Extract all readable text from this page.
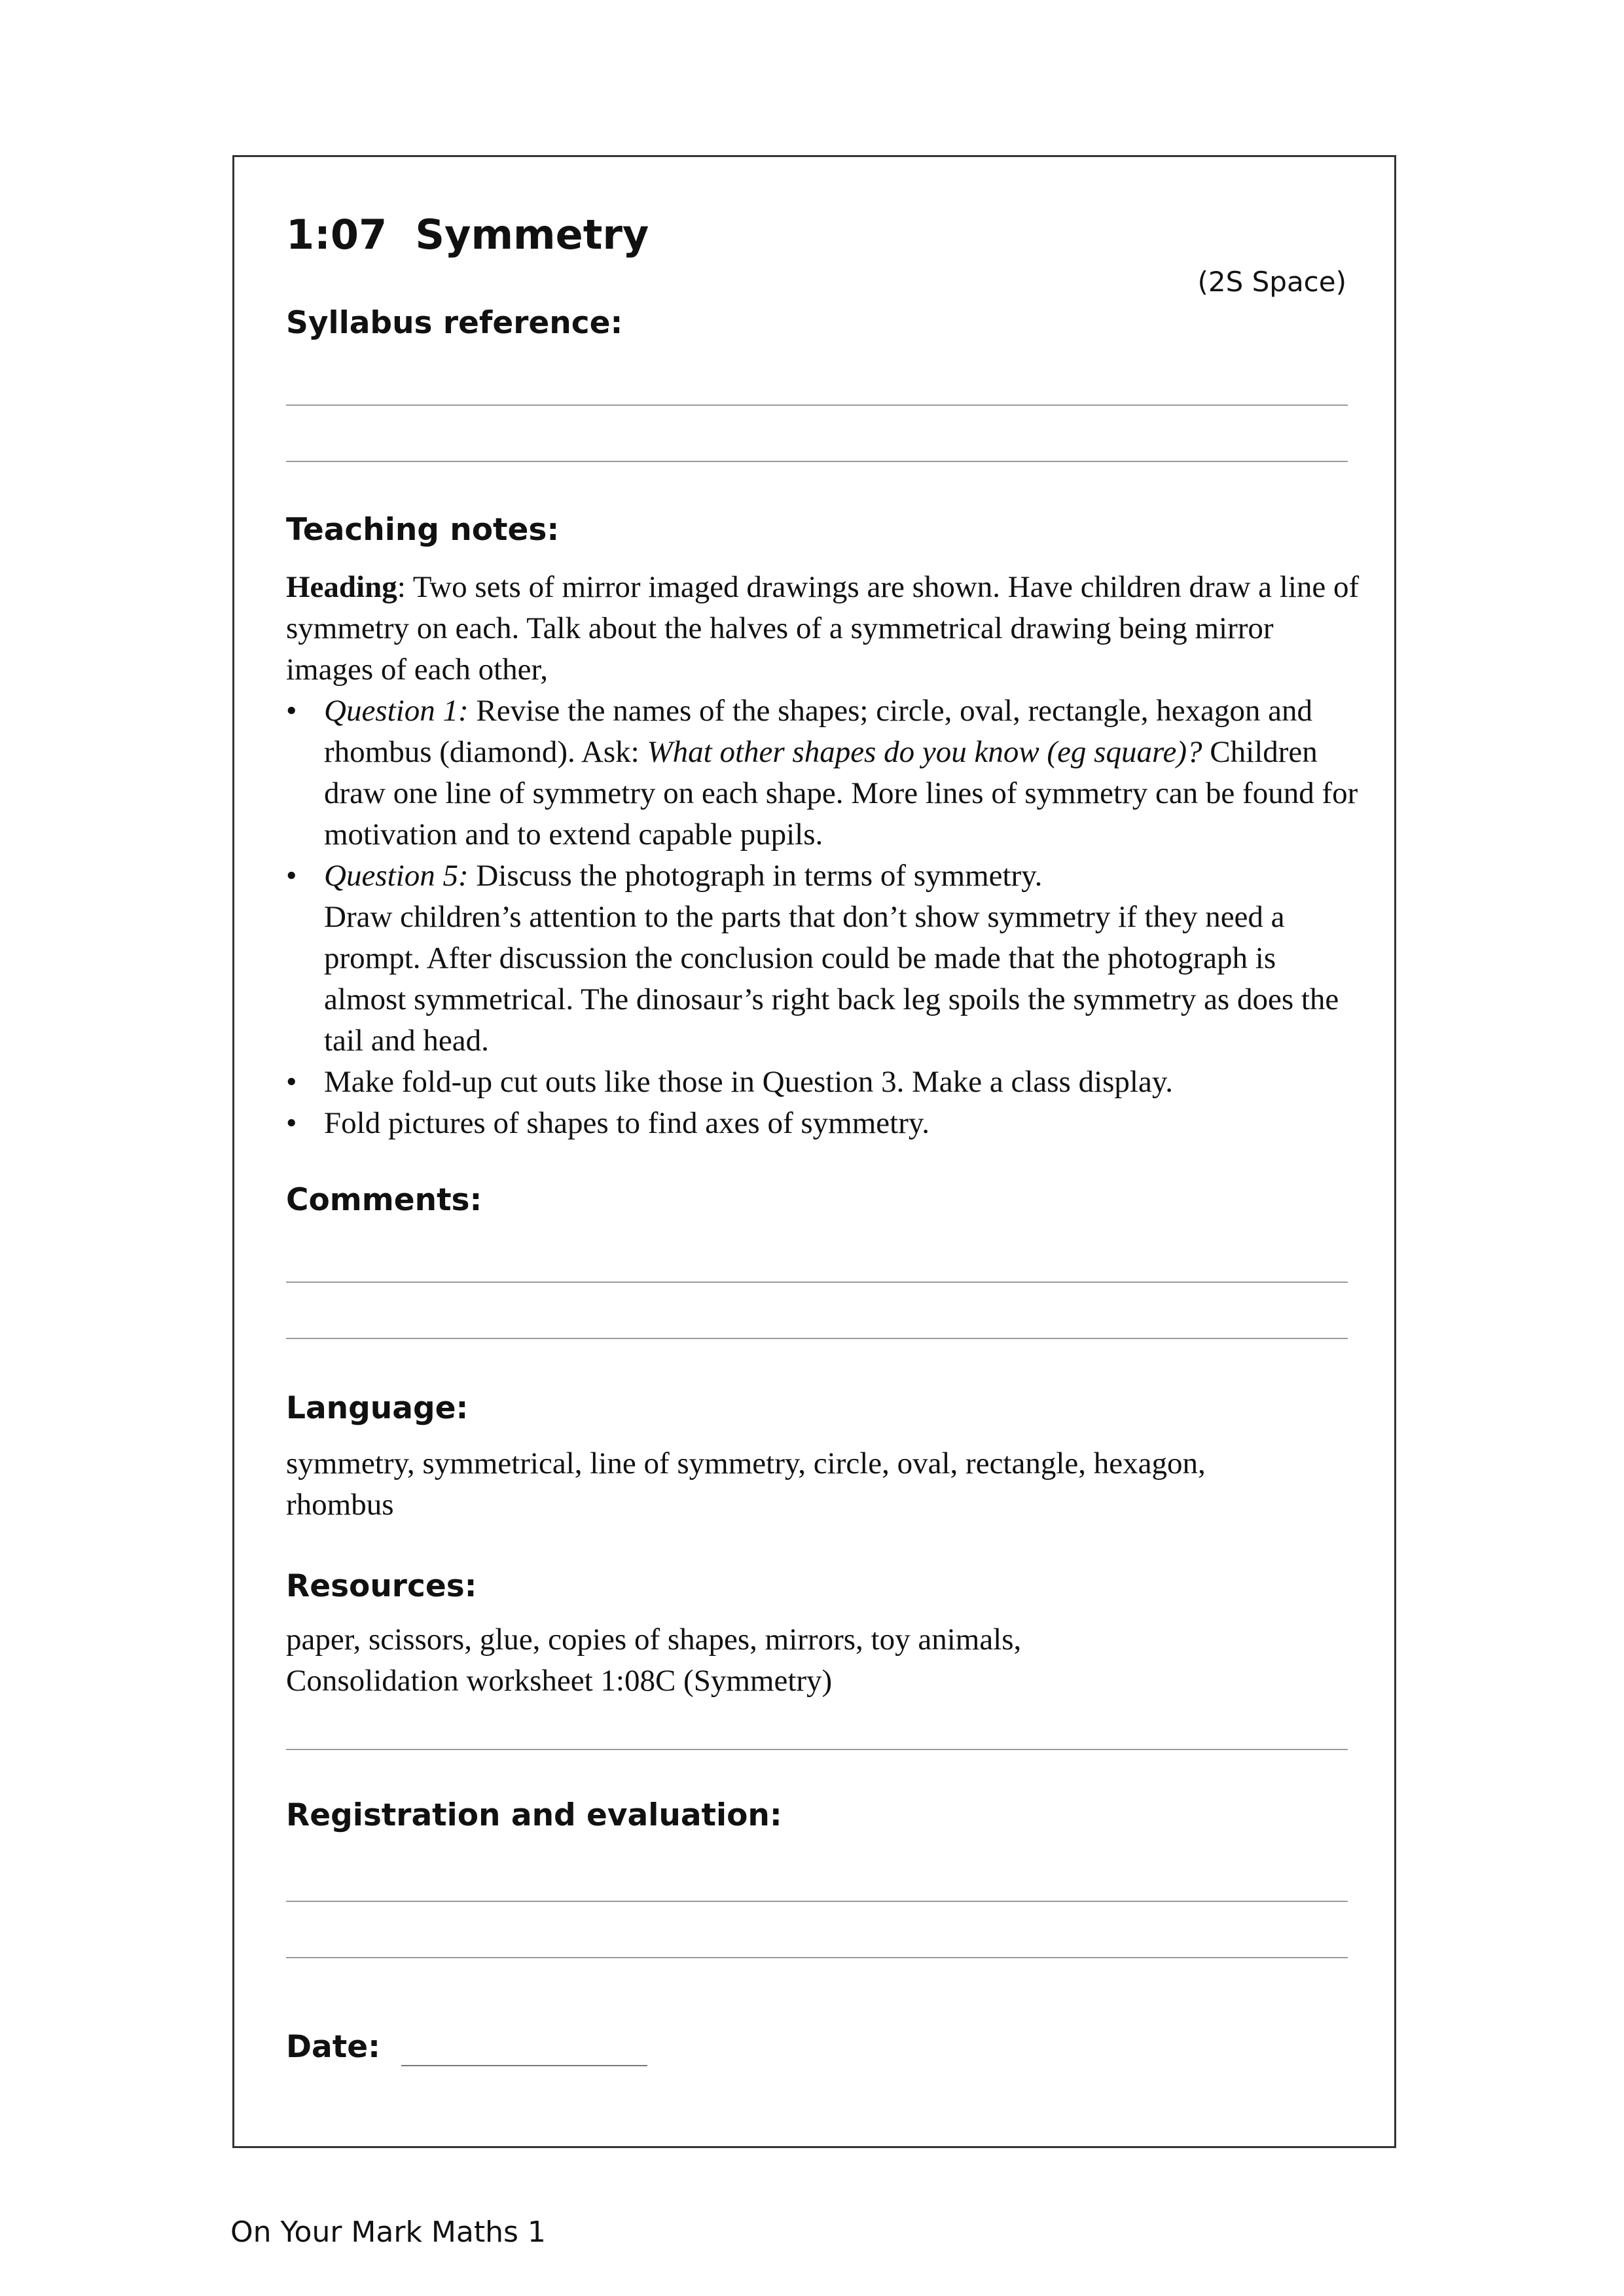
1:07  Symmetry
(2S Space)
Syllabus reference:
Teaching notes:

Heading: Two sets of mirror imaged drawings are shown. Have children draw a line of symmetry on each. Talk about the halves of a symmetrical drawing being mirror images of each other,

• Question 1: Revise the names of the shapes; circle, oval, rectangle, hexagon and rhombus (diamond). Ask: What other shapes do you know (eg square)? Children draw one line of symmetry on each shape. More lines of symmetry can be found for motivation and to extend capable pupils.
• Question 5: Discuss the photograph in terms of symmetry.
Draw children’s attention to the parts that don’t show symmetry if they need a prompt. After discussion the conclusion could be made that the photograph is almost symmetrical. The dinosaur’s right back leg spoils the symmetry as does the tail and head.
• Make fold-up cut outs like those in Question 3. Make a class display.
• Fold pictures of shapes to find axes of symmetry.
Comments:
Language:
symmetry, symmetrical, line of symmetry, circle, oval, rectangle, hexagon, rhombus
Resources:

paper, scissors, glue, copies of shapes, mirrors, toy animals,

Consolidation worksheet 1:08C (Symmetry)

Registration and evaluation:
Date:
On Your Mark Maths 1
